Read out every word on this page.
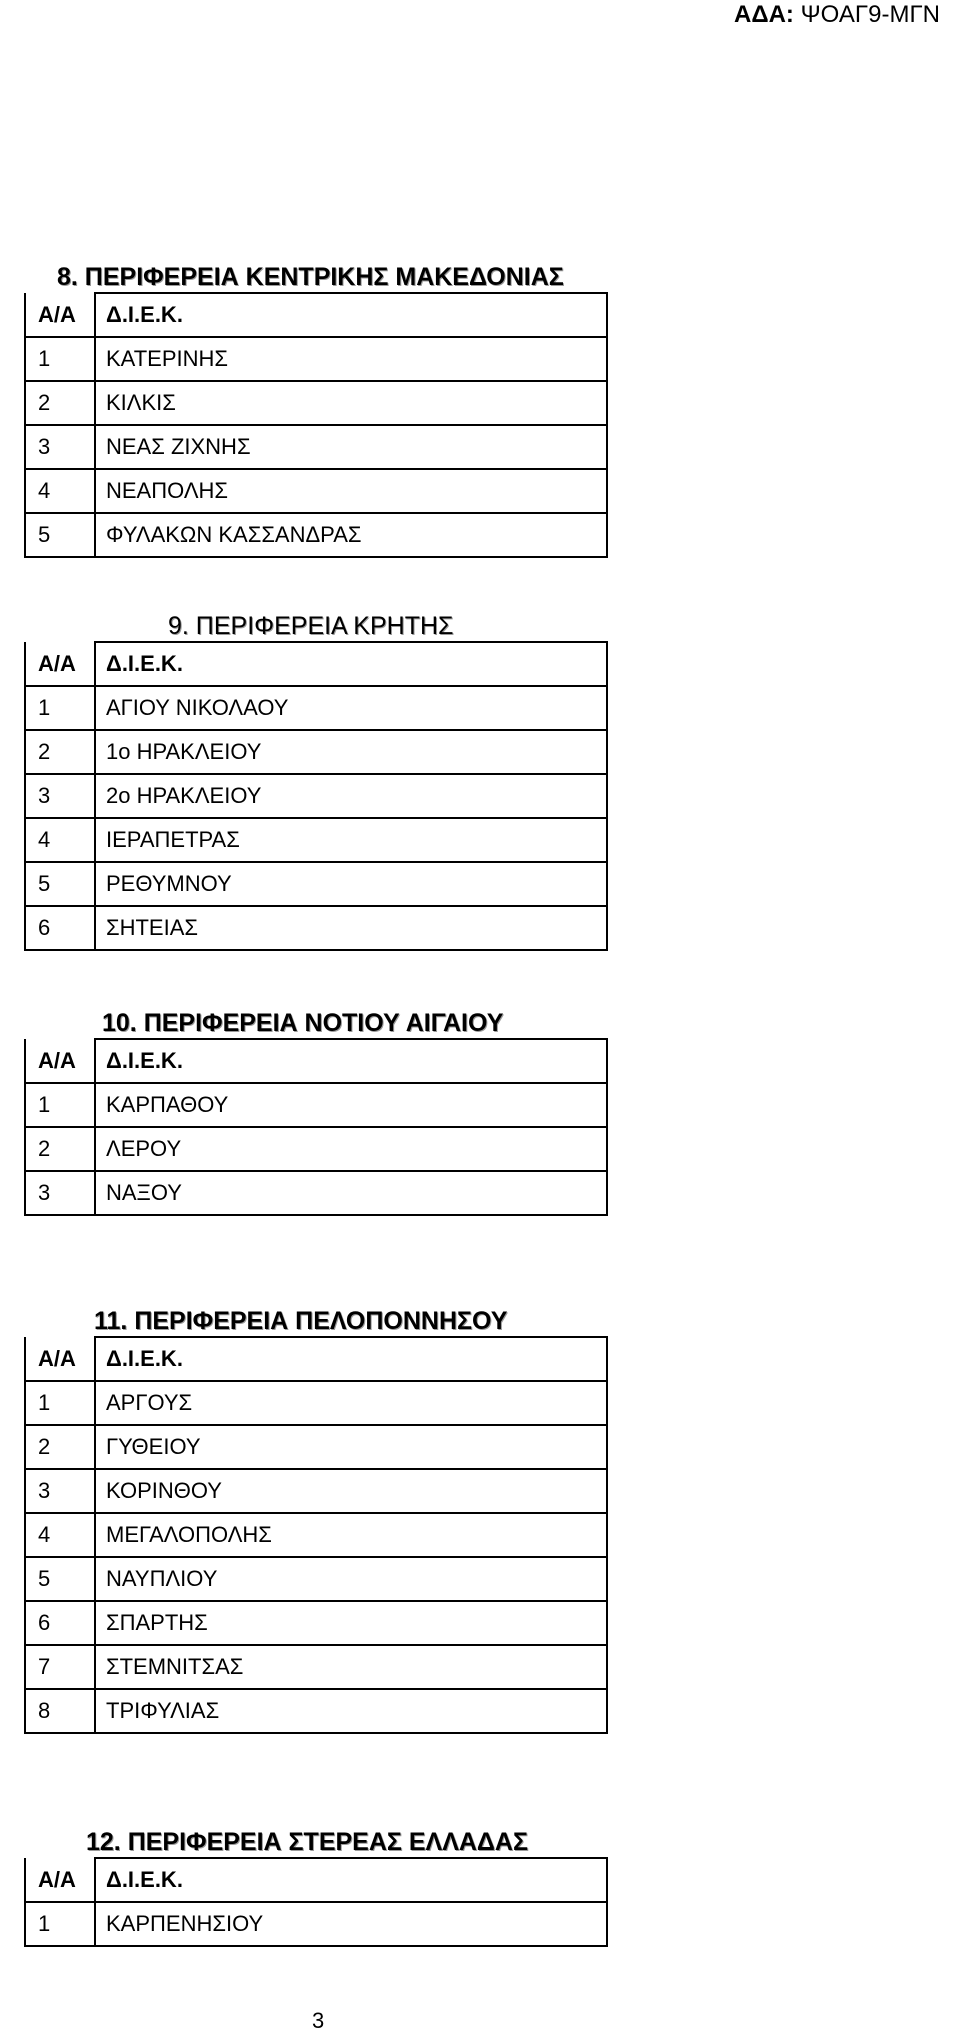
ΑΔΑ: ΨΟΑΓ9-ΜΓΝ
8. ΠΕΡΙΦΕΡΕΙΑ ΚΕΝΤΡΙΚΗΣ ΜΑΚΕΔΟΝΙΑΣ
Α/Α	Δ.Ι.Ε.Κ.
1	ΚΑΤΕΡΙΝΗΣ
2	ΚΙΛΚΙΣ
3	ΝΕΑΣ ΖΙΧΝΗΣ
4	ΝΕΑΠΟΛΗΣ
5	ΦΥΛΑΚΩΝ ΚΑΣΣΑΝΔΡΑΣ
9. ΠΕΡΙΦΕΡΕΙΑ ΚΡΗΤΗΣ
Α/Α	Δ.Ι.Ε.Κ.
1	ΑΓΙΟΥ ΝΙΚΟΛΑΟΥ
2	1ο ΗΡΑΚΛΕΙΟΥ
3	2ο ΗΡΑΚΛΕΙΟΥ
4	ΙΕΡΑΠΕΤΡΑΣ
5	ΡΕΘΥΜΝΟΥ
6	ΣΗΤΕΙΑΣ
10. ΠΕΡΙΦΕΡΕΙΑ ΝΟΤΙΟΥ ΑΙΓΑΙΟΥ
Α/Α	Δ.Ι.Ε.Κ.
1	ΚΑΡΠΑΘΟΥ
2	ΛΕΡΟΥ
3	ΝΑΞΟΥ
11. ΠΕΡΙΦΕΡΕΙΑ ΠΕΛΟΠΟΝΝΗΣΟΥ
Α/Α	Δ.Ι.Ε.Κ.
1	ΑΡΓΟΥΣ
2	ΓΥΘΕΙΟΥ
3	ΚΟΡΙΝΘΟΥ
4	ΜΕΓΑΛΟΠΟΛΗΣ
5	ΝΑΥΠΛΙΟΥ
6	ΣΠΑΡΤΗΣ
7	ΣΤΕΜΝΙΤΣΑΣ
8	ΤΡΙΦΥΛΙΑΣ
12. ΠΕΡΙΦΕΡΕΙΑ ΣΤΕΡΕΑΣ ΕΛΛΑΔΑΣ
Α/Α	Δ.Ι.Ε.Κ.
1	ΚΑΡΠΕΝΗΣΙΟΥ
3
